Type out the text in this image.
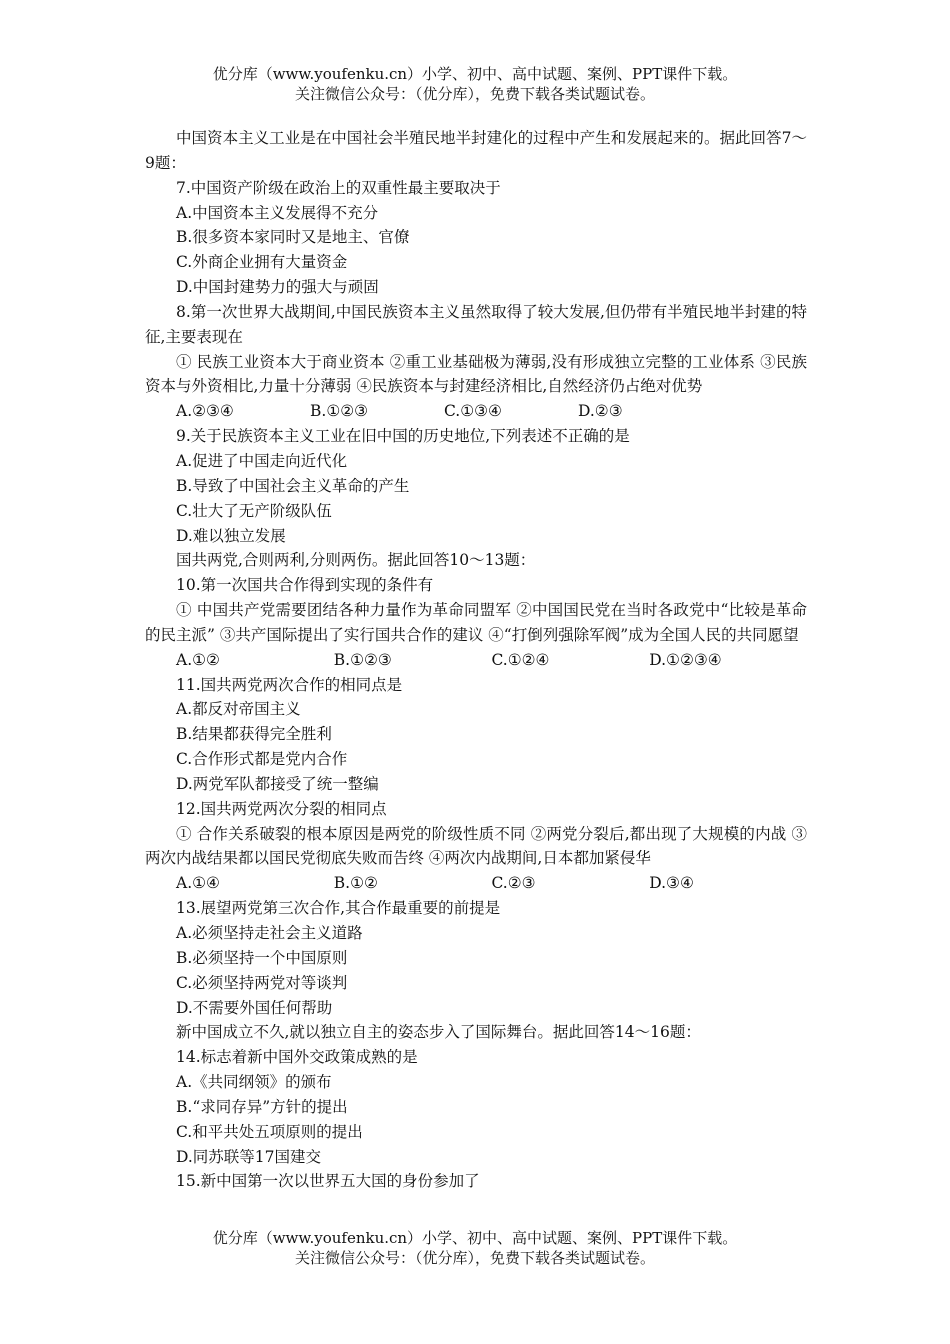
优分库（www.youfenku.cn）小学、初中、高中试题、案例、PPT课件下载。
关注微信公众号：（优分库），免费下载各类试题试卷。
中国资本主义工业是在中国社会半殖民地半封建化的过程中产生和发展起来的。据此回答7～9题：
7.中国资产阶级在政治上的双重性最主要取决于
A.中国资本主义发展得不充分
B.很多资本家同时又是地主、官僚
C.外商企业拥有大量资金
D.中国封建势力的强大与顽固
8.第一次世界大战期间,中国民族资本主义虽然取得了较大发展,但仍带有半殖民地半封建的特征,主要表现在
① 民族工业资本大于商业资本 ②重工业基础极为薄弱,没有形成独立完整的工业体系 ③民族资本与外资相比,力量十分薄弱 ④民族资本与封建经济相比,自然经济仍占绝对优势
A.②③④	B.①②③	C.①③④	D.②③
9.关于民族资本主义工业在旧中国的历史地位,下列表述不正确的是
A.促进了中国走向近代化
B.导致了中国社会主义革命的产生
C.壮大了无产阶级队伍
D.难以独立发展
国共两党,合则两利,分则两伤。据此回答10～13题：
10.第一次国共合作得到实现的条件有
① 中国共产党需要团结各种力量作为革命同盟军 ②中国国民党在当时各政党中“比较是革命的民主派” ③共产国际提出了实行国共合作的建议 ④“打倒列强除军阀”成为全国人民的共同愿望
A.①②	B.①②③	C.①②④	D.①②③④
11.国共两党两次合作的相同点是
A.都反对帝国主义
B.结果都获得完全胜利
C.合作形式都是党内合作
D.两党军队都接受了统一整编
12.国共两党两次分裂的相同点
① 合作关系破裂的根本原因是两党的阶级性质不同 ②两党分裂后,都出现了大规模的内战 ③两次内战结果都以国民党彻底失败而告终 ④两次内战期间,日本都加紧侵华
A.①④	B.①②	C.②③	D.③④
13.展望两党第三次合作,其合作最重要的前提是
A.必须坚持走社会主义道路
B.必须坚持一个中国原则
C.必须坚持两党对等谈判
D.不需要外国任何帮助
新中国成立不久,就以独立自主的姿态步入了国际舞台。据此回答14～16题：
14.标志着新中国外交政策成熟的是
A.《共同纲领》的颁布
B.“求同存异”方针的提出
C.和平共处五项原则的提出
D.同苏联等17国建交
15.新中国第一次以世界五大国的身份参加了
优分库（www.youfenku.cn）小学、初中、高中试题、案例、PPT课件下载。
关注微信公众号：（优分库），免费下载各类试题试卷。
